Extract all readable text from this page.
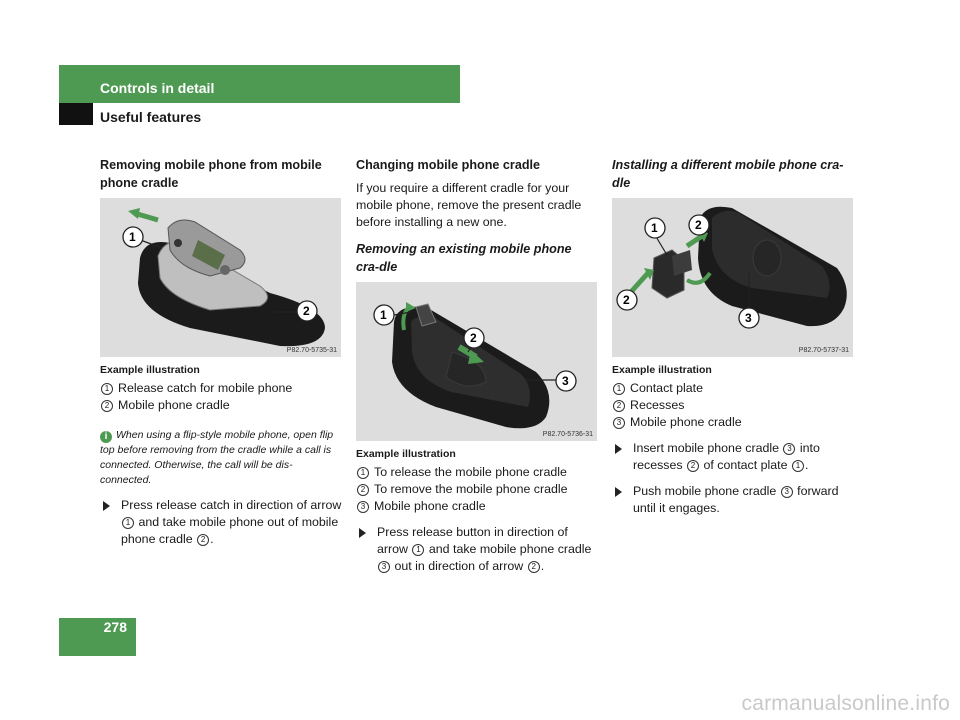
Controls in detail
Useful features

Removing mobile phone from mobile phone cradle

1
2
P82.70-5735-31
Example illustration
1 Release catch for mobile phone
2 Mobile phone cradle
i When using a flip-style mobile phone, open flip top before removing from the cradle while a call is connected. Otherwise, the call will be dis-connected.
Press release catch in direction of arrow 1 and take mobile phone out of mobile phone cradle 2 .

Changing mobile phone cradle

If you require a different cradle for your mobile phone, remove the present cradle before installing a new one.

Removing an existing mobile phone cra-dle

1
2
3
P82.70-5736-31
Example illustration
1 To release the mobile phone cradle
2 To remove the mobile phone cradle
3 Mobile phone cradle
Press release button in direction of arrow 1 and take mobile phone cradle 3 out in direction of arrow 2 .

Installing a different mobile phone cra-dle

1	2
2
3
P82.70-5737-31
Example illustration
1 Contact plate
2 Recesses
3 Mobile phone cradle
Insert mobile phone cradle 3 into recesses 2 of contact plate 1 .
Push mobile phone cradle 3 forward until it engages.
278
carmanualsonline.info
